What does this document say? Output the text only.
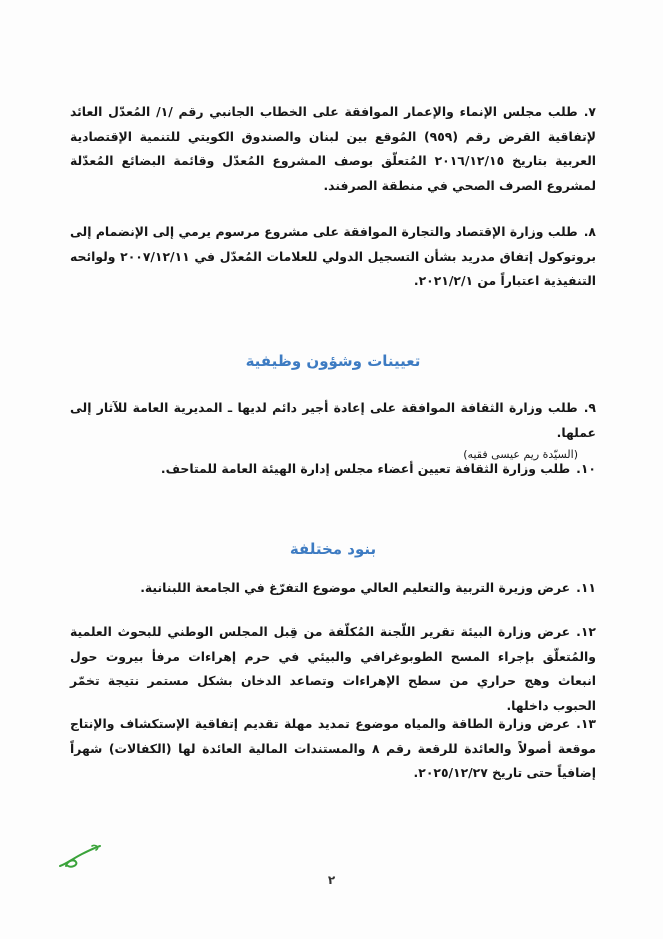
٧.طلب مجلس الإنماء والإعمار الموافقة على الخطاب الجانبي رقم /١/ المُعدّل العائد لإتفاقية القرض رقم (٩٥٩) المُوقع بين لبنان والصندوق الكويتي للتنمية الإقتصادية العربية بتاريخ ٢٠١٦/١٢/١٥ المُتعلّق بوصف المشروع المُعدّل وقائمة البضائع المُعدّلة لمشروع الصرف الصحي في منطقة الصرفند.
٨.طلب وزارة الإقتصاد والتجارة الموافقة على مشروع مرسوم يرمي إلى الإنضمام إلى بروتوكول إتفاق مدريد بشأن التسجيل الدولي للعلامات المُعدّل في ٢٠٠٧/١٢/١١ ولوائحه التنفيذية اعتباراً من ٢٠٢١/٢/١.
تعيينات وشؤون وظيفية
٩.طلب وزارة الثقافة الموافقة على إعادة أجير دائم لديها ـ المديرية العامة للآثار إلى عملها.
(السيّدة ريم عيسى فقيه)
١٠.طلب وزارة الثقافة تعيين أعضاء مجلس إدارة الهيئة العامة للمتاحف.
بنود مختلفة
١١.عرض وزيرة التربية والتعليم العالي موضوع التفرّغ في الجامعة اللبنانية.
١٢.عرض وزارة البيئة تقرير اللّجنة المُكلّفة من قِبل المجلس الوطني للبحوث العلمية والمُتعلّق بإجراء المسح الطوبوغرافي والبيئي في حرم إهراءات مرفأ بيروت حول انبعاث وهج حراري من سطح الإهراءات وتصاعد الدخان بشكل مستمر نتيجة تخمّر الحبوب داخلها.
١٣.عرض وزارة الطاقة والمياه موضوع تمديد مهلة تقديم إتفاقية الإستكشاف والإنتاج موقعة أصولاً والعائدة للرقعة رقم ٨ والمستندات المالية العائدة لها (الكفالات) شهراً إضافياً حتى تاريخ ٢٠٢٥/١٢/٢٧.
٢
